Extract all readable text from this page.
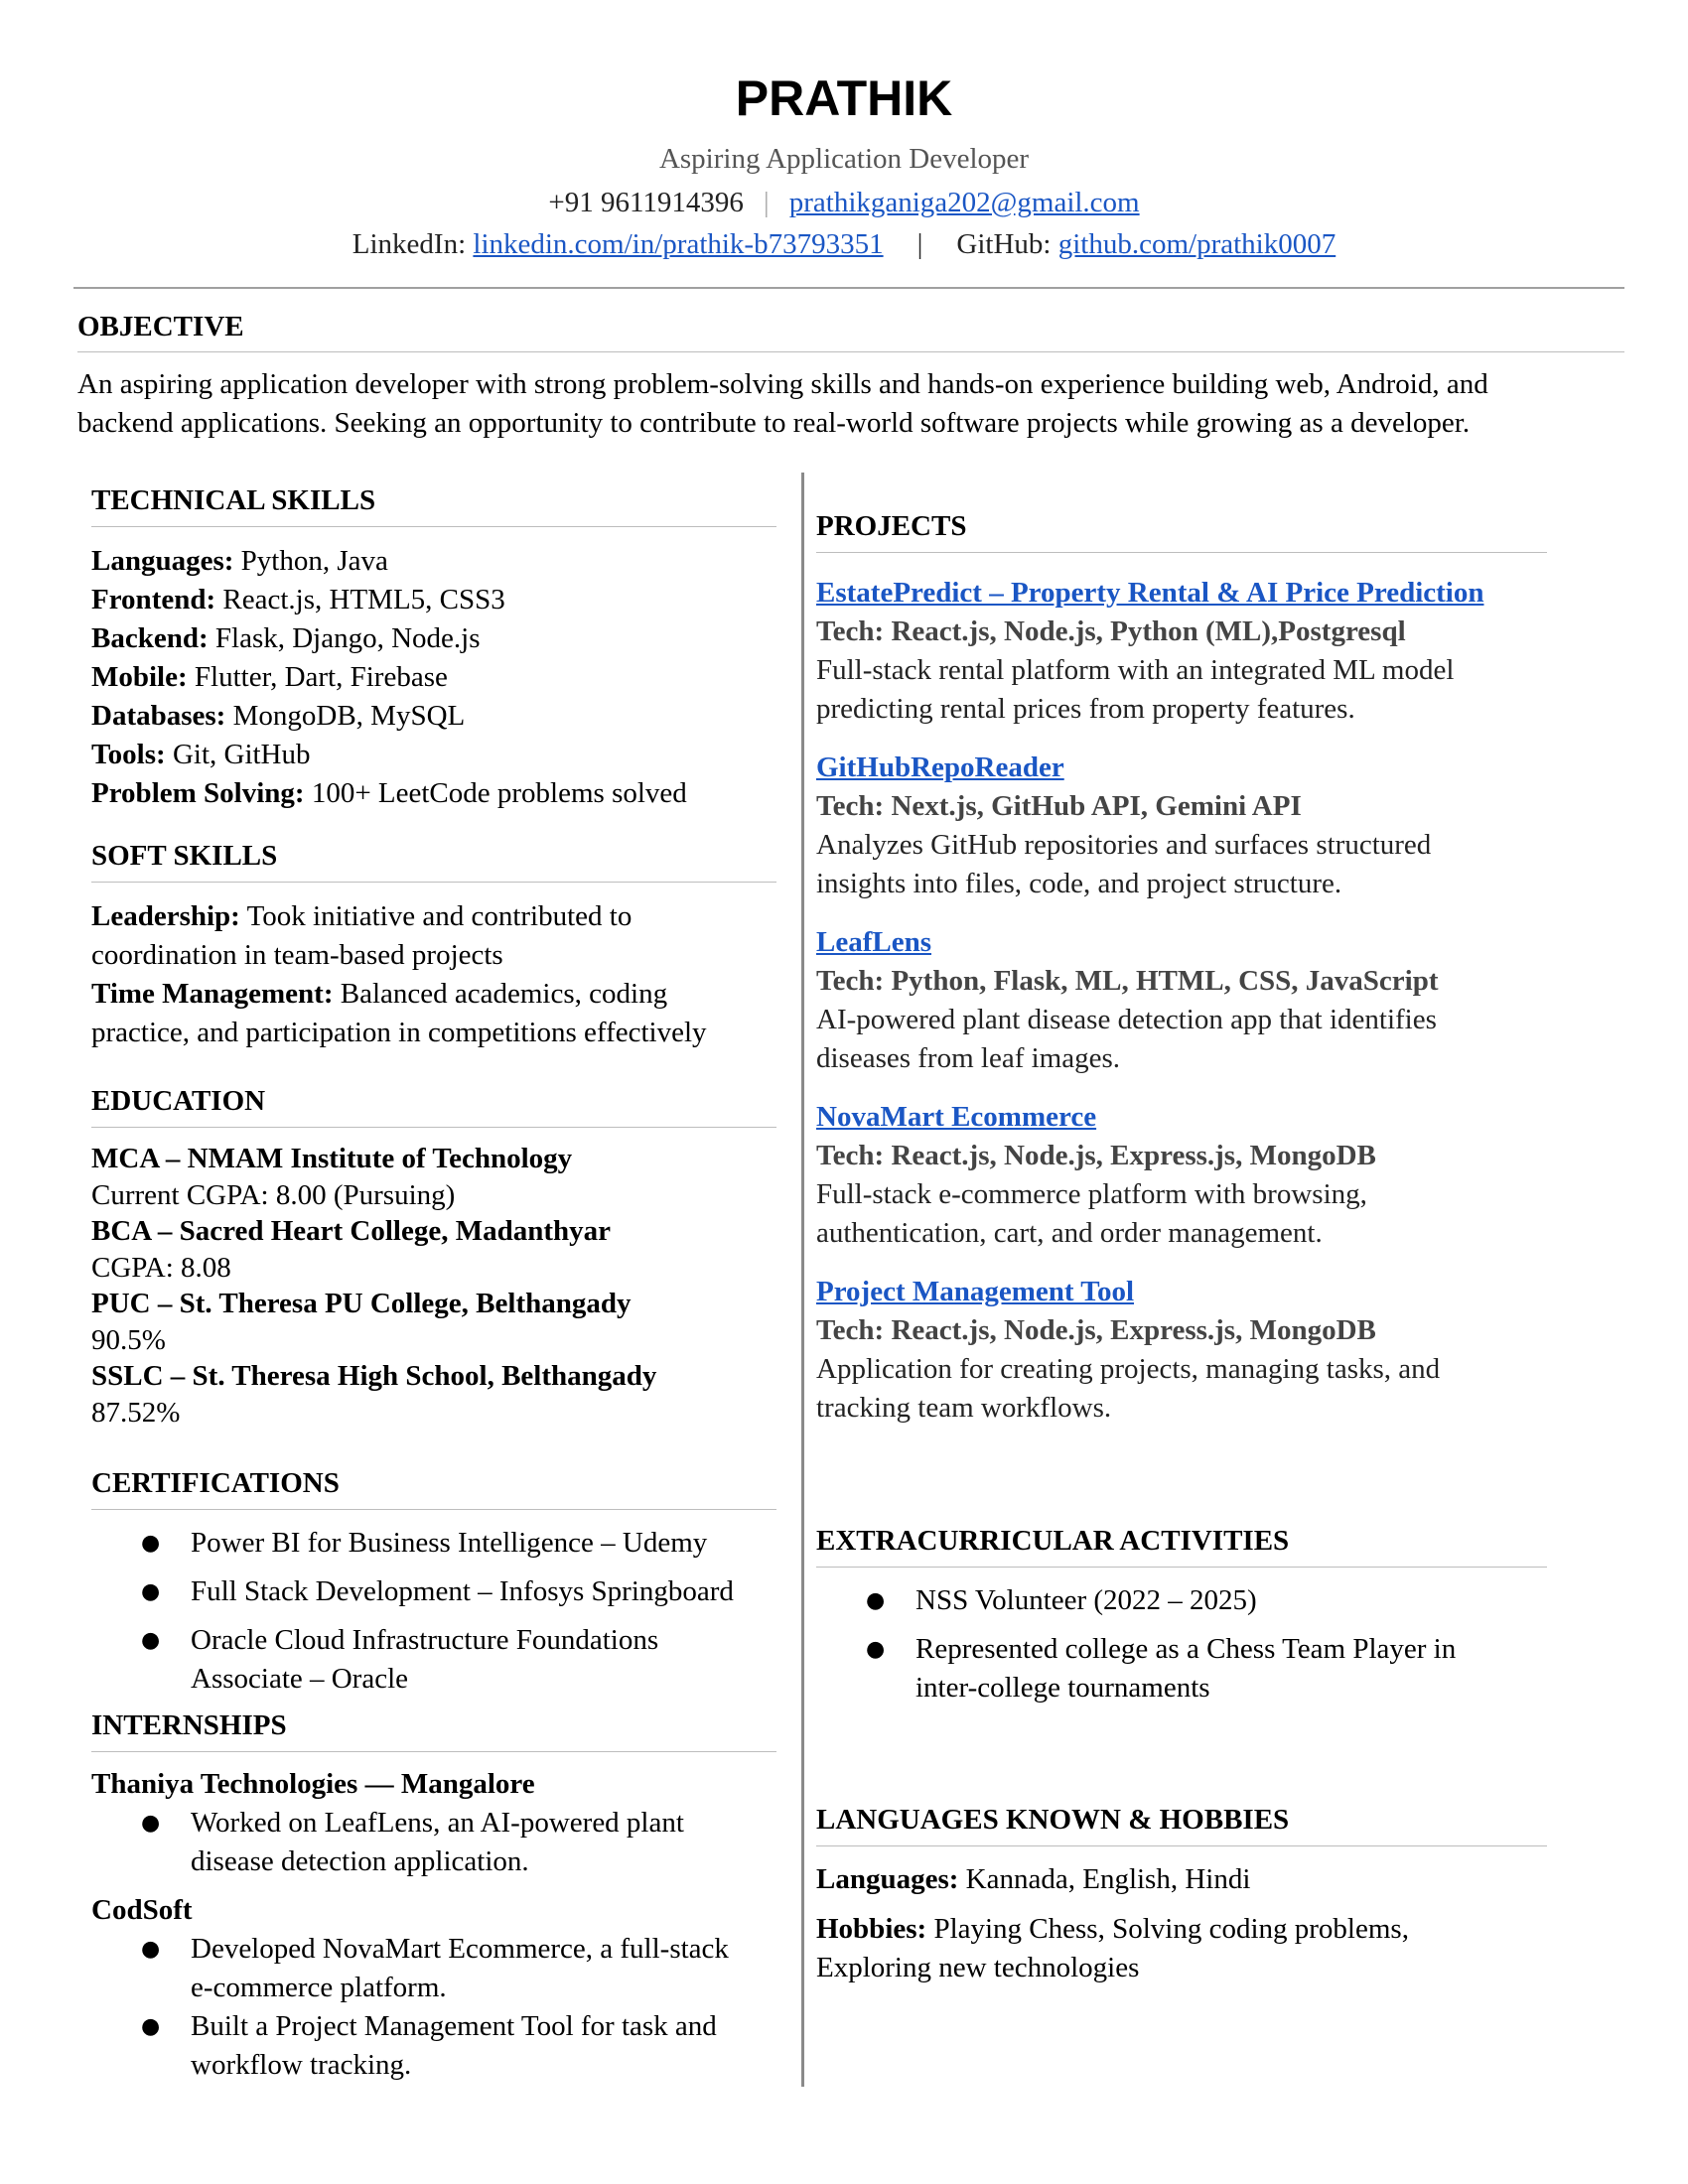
PRATHIK
Aspiring Application Developer
+91 9611914396 | prathikganiga202@gmail.com
LinkedIn: linkedin.com/in/prathik-b73793351 | GitHub: github.com/prathik0007
OBJECTIVE
An aspiring application developer with strong problem-solving skills and hands-on experience building web, Android, and
backend applications. Seeking an opportunity to contribute to real-world software projects while growing as a developer.
TECHNICAL SKILLS
Languages: Python, Java
Frontend: React.js, HTML5, CSS3
Backend: Flask, Django, Node.js
Mobile: Flutter, Dart, Firebase
Databases: MongoDB, MySQL
Tools: Git, GitHub
Problem Solving: 100+ LeetCode problems solved
SOFT SKILLS
Leadership: Took initiative and contributed to
coordination in team-based projects
Time Management: Balanced academics, coding
practice, and participation in competitions effectively
EDUCATION
MCA – NMAM Institute of Technology
Current CGPA: 8.00 (Pursuing)
BCA – Sacred Heart College, Madanthyar
CGPA: 8.08
PUC – St. Theresa PU College, Belthangady
90.5%
SSLC – St. Theresa High School, Belthangady
87.52%
CERTIFICATIONS
● Power BI for Business Intelligence – Udemy
● Full Stack Development – Infosys Springboard
● Oracle Cloud Infrastructure Foundations
Associate – Oracle
INTERNSHIPS
Thaniya Technologies — Mangalore
● Worked on LeafLens, an AI-powered plant
disease detection application.
CodSoft
● Developed NovaMart Ecommerce, a full-stack
e-commerce platform.
● Built a Project Management Tool for task and
workflow tracking.
PROJECTS
EstatePredict – Property Rental & AI Price Prediction
Tech: React.js, Node.js, Python (ML),Postgresql
Full-stack rental platform with an integrated ML model
predicting rental prices from property features.
GitHubRepoReader
Tech: Next.js, GitHub API, Gemini API
Analyzes GitHub repositories and surfaces structured
insights into files, code, and project structure.
LeafLens
Tech: Python, Flask, ML, HTML, CSS, JavaScript
AI-powered plant disease detection app that identifies
diseases from leaf images.
NovaMart Ecommerce
Tech: React.js, Node.js, Express.js, MongoDB
Full-stack e-commerce platform with browsing,
authentication, cart, and order management.
Project Management Tool
Tech: React.js, Node.js, Express.js, MongoDB
Application for creating projects, managing tasks, and
tracking team workflows.
EXTRACURRICULAR ACTIVITIES
● NSS Volunteer (2022 – 2025)
● Represented college as a Chess Team Player in
inter-college tournaments
LANGUAGES KNOWN & HOBBIES
Languages: Kannada, English, Hindi
Hobbies: Playing Chess, Solving coding problems,
Exploring new technologies
